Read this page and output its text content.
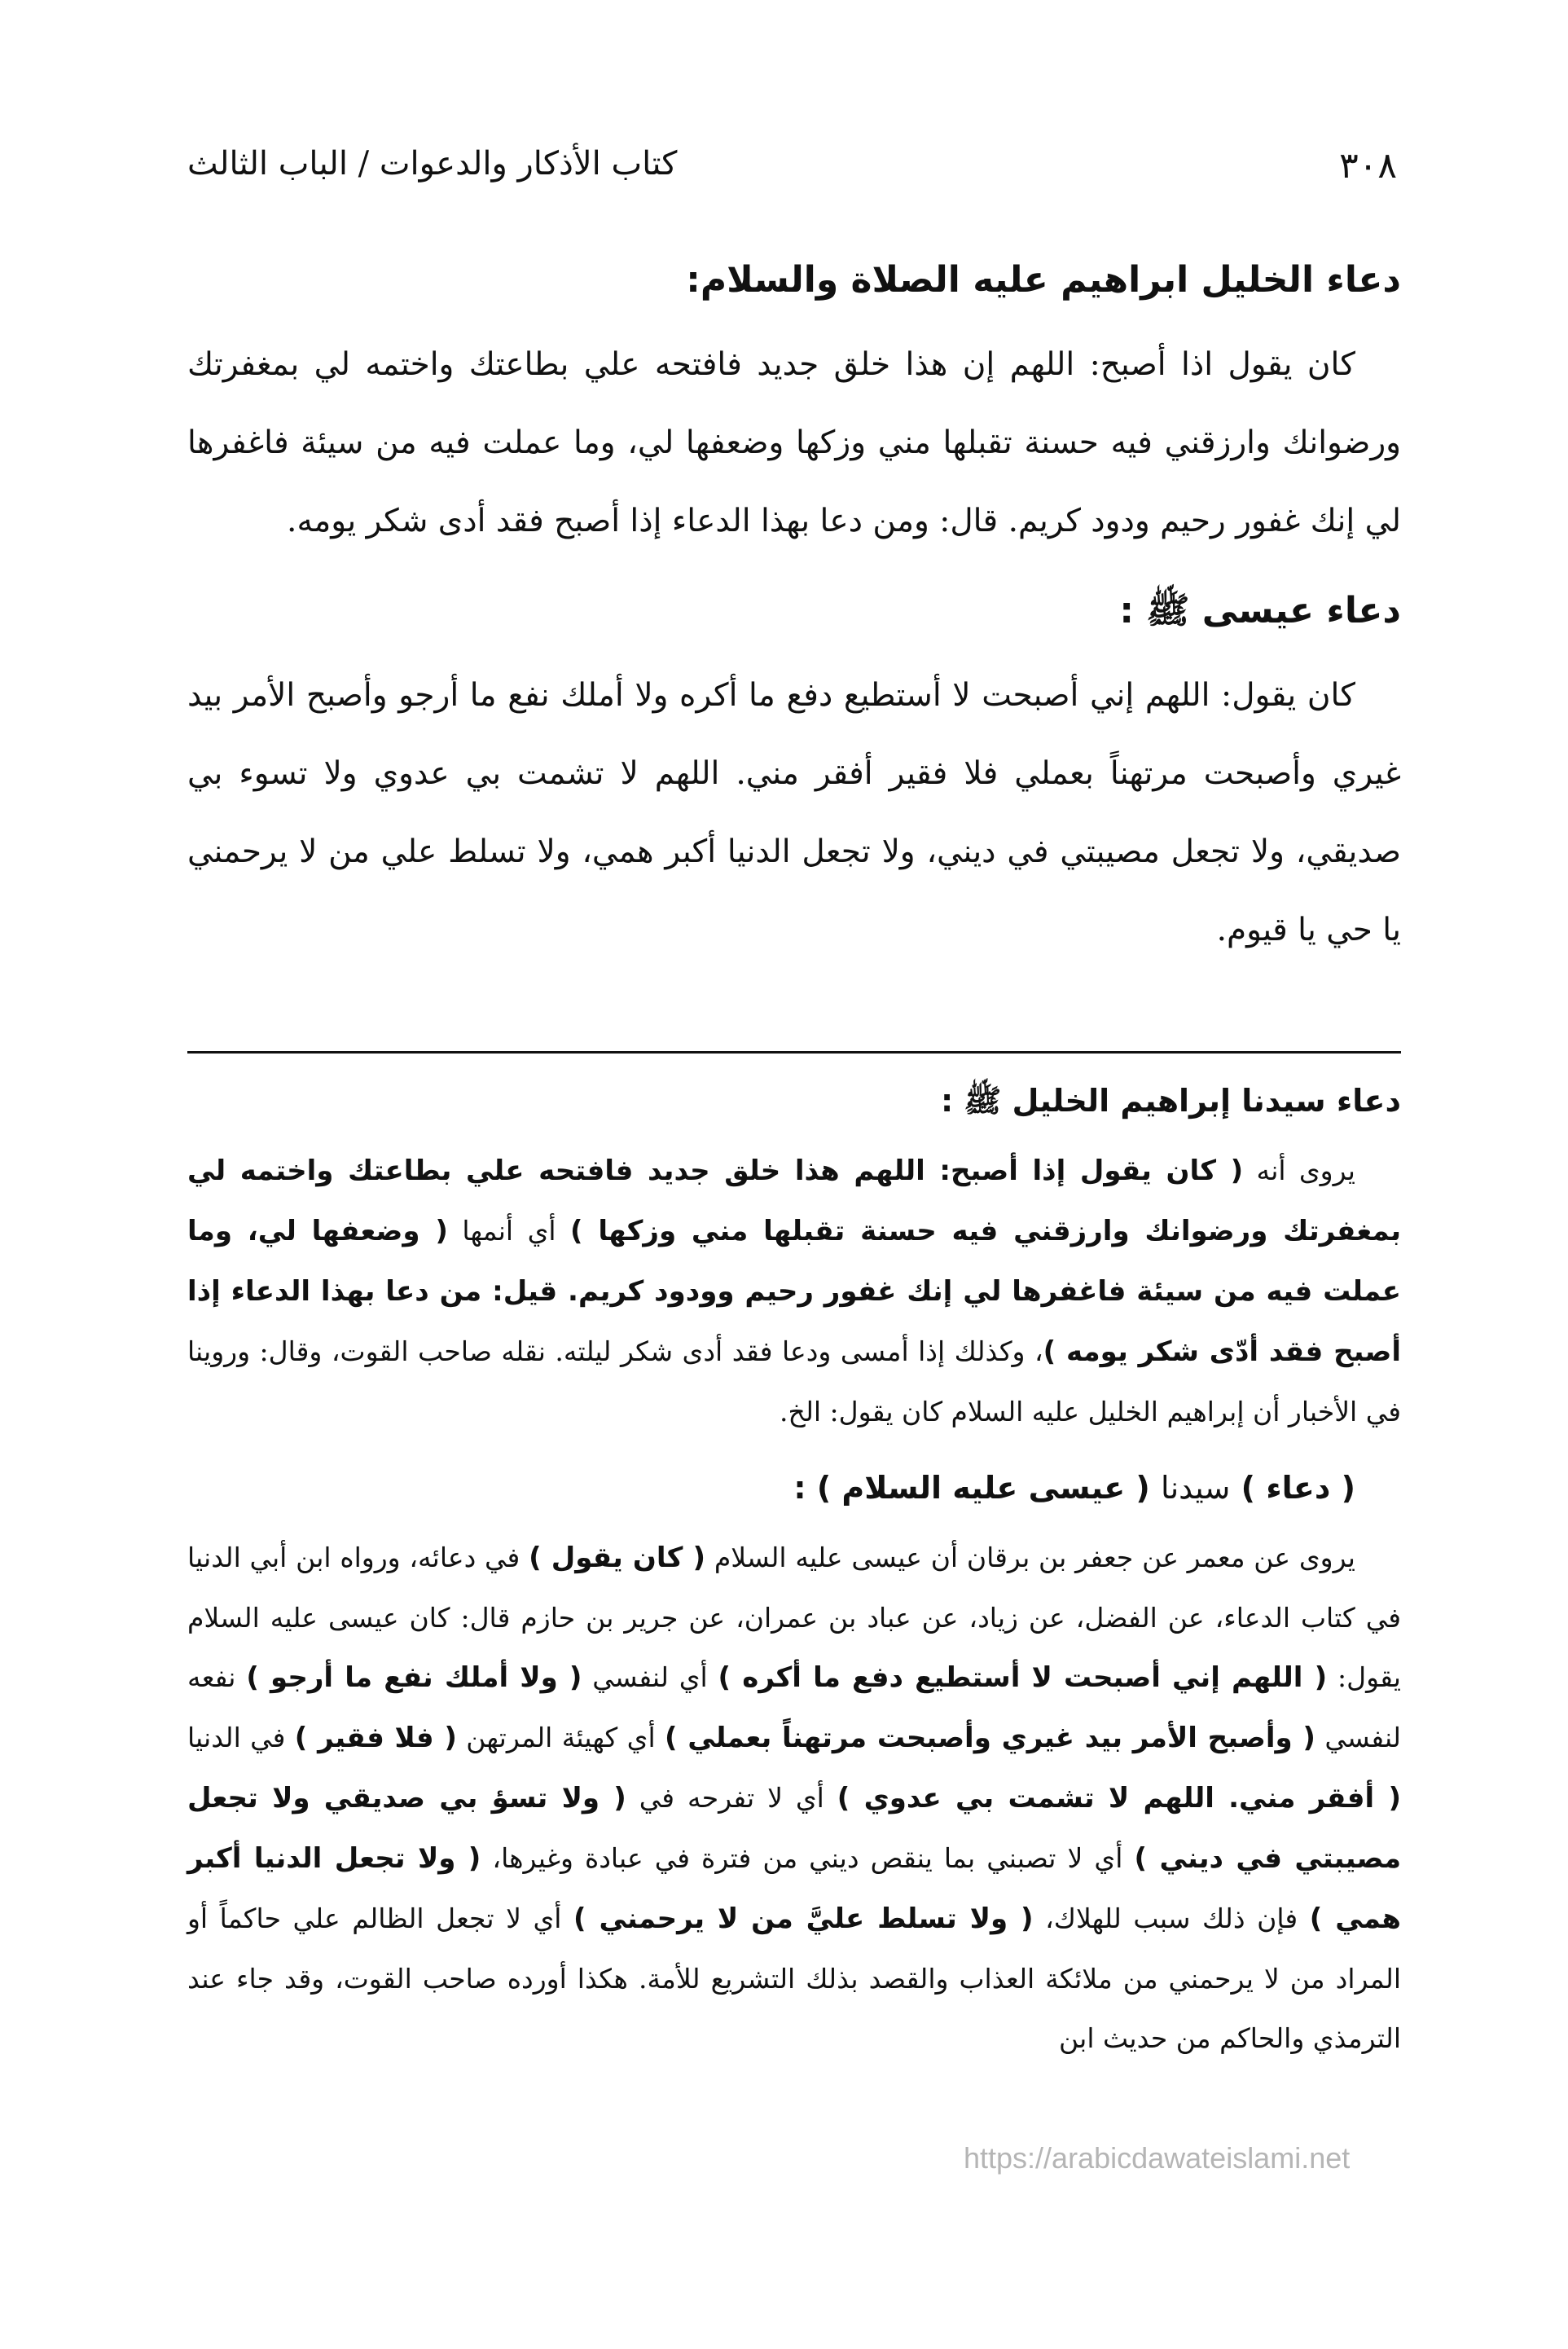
٣٠٨
كتاب الأذكار والدعوات / الباب الثالث
دعاء الخليل ابراهيم عليه الصلاة والسلام:

كان يقول اذا أصبح: اللهم إن هذا خلق جديد فافتحه علي بطاعتك واختمه لي بمغفرتك ورضوانك وارزقني فيه حسنة تقبلها مني وزكها وضعفها لي، وما عملت فيه من سيئة فاغفرها لي إنك غفور رحيم ودود كريم. قال: ومن دعا بهذا الدعاء إذا أصبح فقد أدى شكر يومه.

دعاء عيسى ﷺ :

كان يقول: اللهم إني أصبحت لا أستطيع دفع ما أكره ولا أملك نفع ما أرجو وأصبح الأمر بيد غيري وأصبحت مرتهناً بعملي فلا فقير أفقر مني. اللهم لا تشمت بي عدوي ولا تسوء بي صديقي، ولا تجعل مصيبتي في ديني، ولا تجعل الدنيا أكبر همي، ولا تسلط علي من لا يرحمني يا حي يا قيوم.

دعاء سيدنا إبراهيم الخليل ﷺ :

يروى أنه ( كان يقول إذا أصبح: اللهم هذا خلق جديد فافتحه علي بطاعتك واختمه لي بمغفرتك ورضوانك وارزقني فيه حسنة تقبلها مني وزكها ) أي أنمها ( وضعفها لي، وما عملت فيه من سيئة فاغفرها لي إنك غفور رحيم وودود كريم. قيل: من دعا بهذا الدعاء إذا أصبح فقد أدّى شكر يومه )، وكذلك إذا أمسى ودعا فقد أدى شكر ليلته. نقله صاحب القوت، وقال: وروينا في الأخبار أن إبراهيم الخليل عليه السلام كان يقول: الخ.

( دعاء ) سيدنا ( عيسى عليه السلام ) :

يروى عن معمر عن جعفر بن برقان أن عيسى عليه السلام ( كان يقول ) في دعائه، ورواه ابن أبي الدنيا في كتاب الدعاء، عن الفضل، عن زياد، عن عباد بن عمران، عن جرير بن حازم قال: كان عيسى عليه السلام يقول: ( اللهم إني أصبحت لا أستطيع دفع ما أكره ) أي لنفسي ( ولا أملك نفع ما أرجو ) نفعه لنفسي ( وأصبح الأمر بيد غيري وأصبحت مرتهناً بعملي ) أي كهيئة المرتهن ( فلا فقير ) في الدنيا ( أفقر مني. اللهم لا تشمت بي عدوي ) أي لا تفرحه في ( ولا تسؤ بي صديقي ولا تجعل مصيبتي في ديني ) أي لا تصبني بما ينقص ديني من فترة في عبادة وغيرها، ( ولا تجعل الدنيا أكبر همي ) فإن ذلك سبب للهلاك، ( ولا تسلط عليَّ من لا يرحمني ) أي لا تجعل الظالم علي حاكماً أو المراد من لا يرحمني من ملائكة العذاب والقصد بذلك التشريع للأمة. هكذا أورده صاحب القوت، وقد جاء عند الترمذي والحاكم من حديث ابن

https://arabicdawateislami.net
